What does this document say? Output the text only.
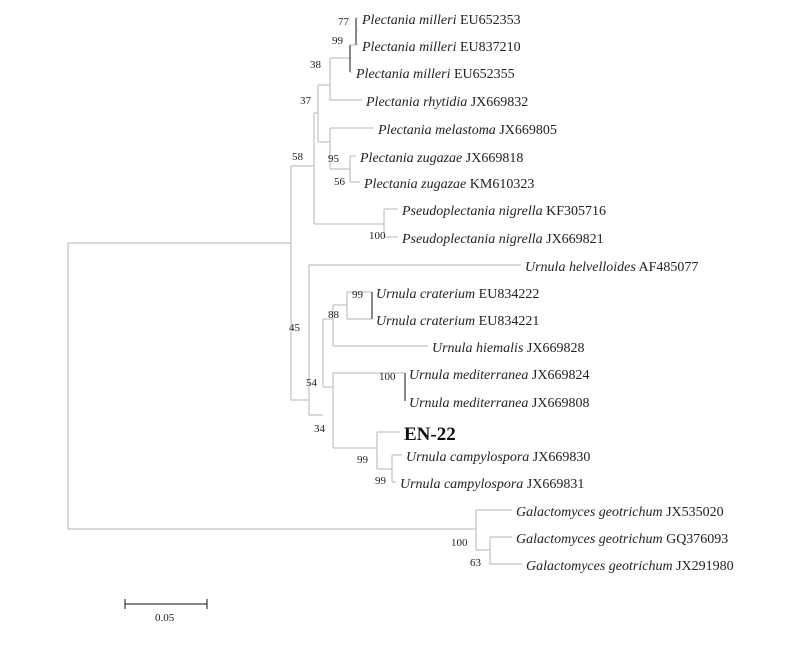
Plectania milleri EU652353
Plectania milleri EU837210
Plectania milleri EU652355
Plectania rhytidia JX669832
Plectania melastoma JX669805
Plectania zugazae JX669818
Plectania zugazae KM610323
Pseudoplectania nigrella KF305716
Pseudoplectania nigrella JX669821
Urnula helvelloides AF485077
Urnula craterium EU834222
Urnula craterium EU834221
Urnula hiemalis JX669828
Urnula mediterranea JX669824
Urnula mediterranea JX669808
EN-22
Urnula campylospora JX669830
Urnula campylospora JX669831
Galactomyces geotrichum JX535020
Galactomyces geotrichum GQ376093
Galactomyces geotrichum JX291980
77
99
38
37
95
56
58
100
99
88
45
100
54
34
99
99
100
63
0.05
